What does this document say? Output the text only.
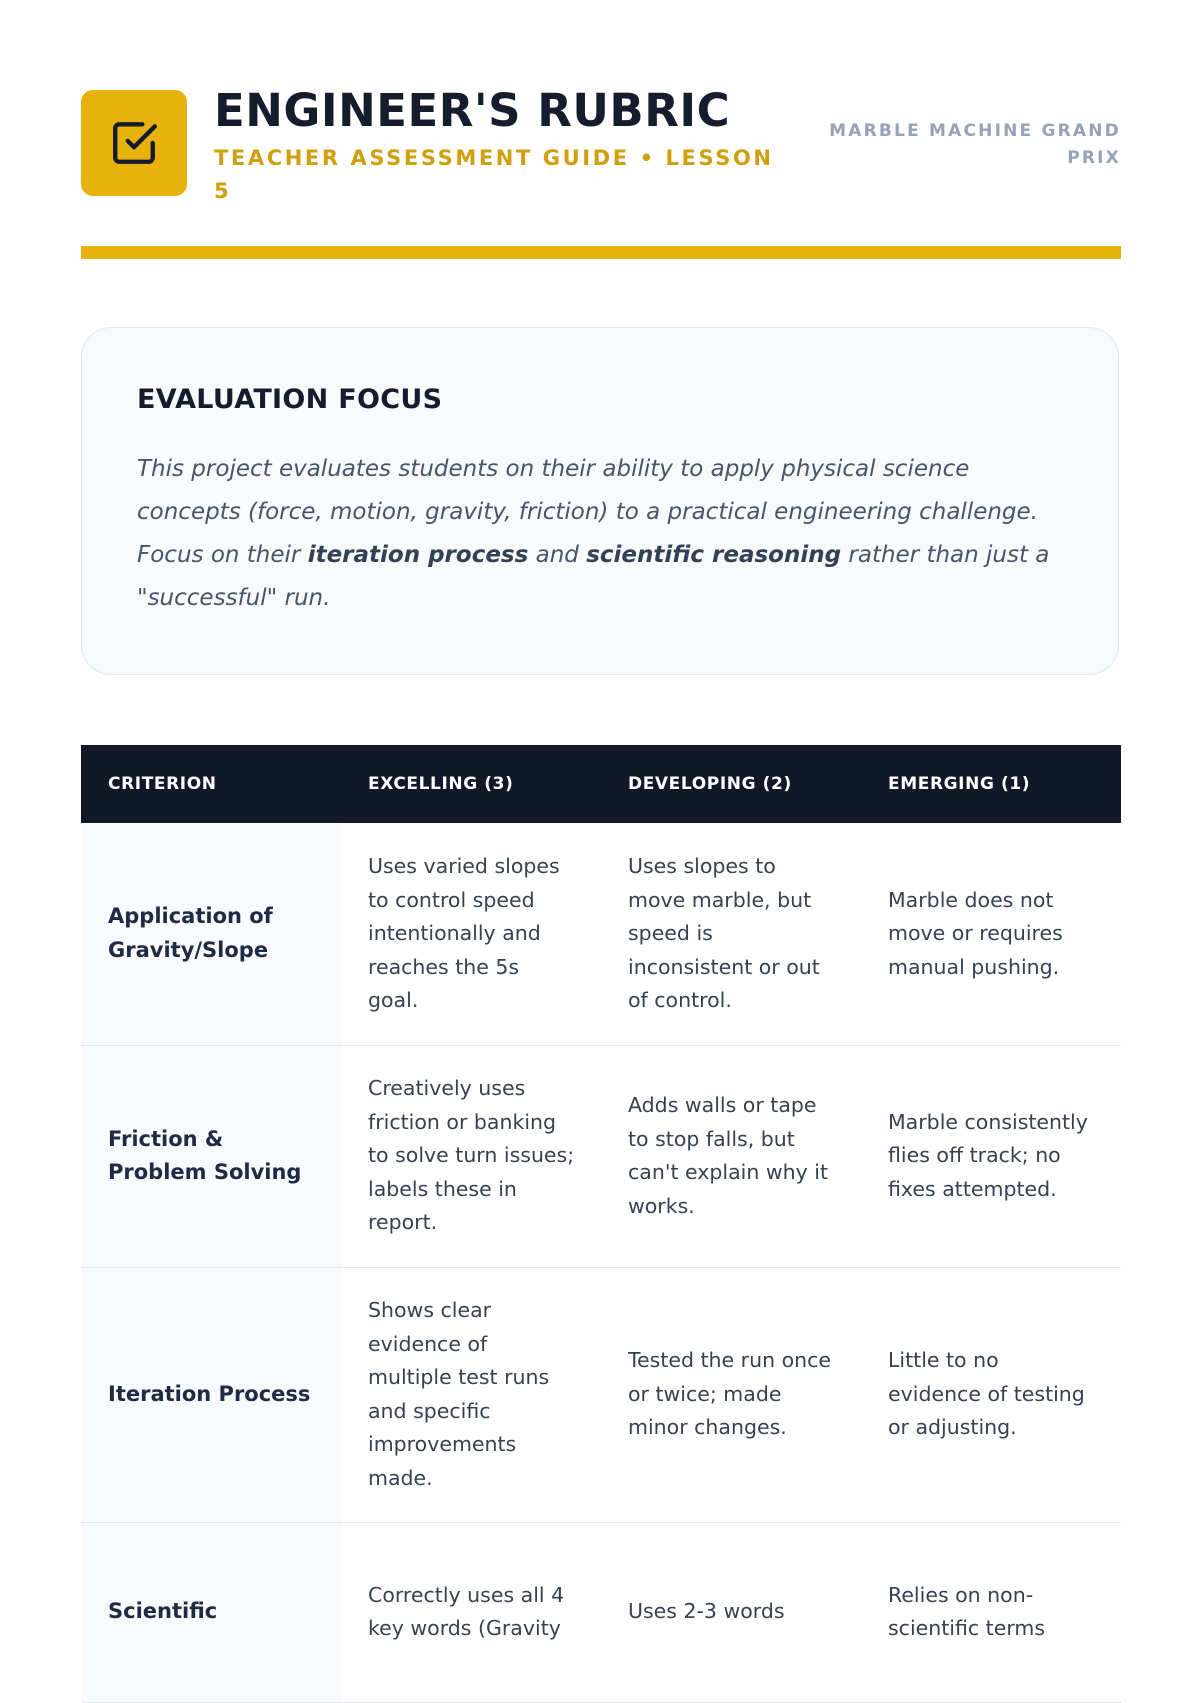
ENGINEER'S RUBRIC
TEACHER ASSESSMENT GUIDE • LESSON 5
MARBLE MACHINE GRAND PRIX
EVALUATION FOCUS

This project evaluates students on their ability to apply physical science concepts (force, motion, gravity, friction) to a practical engineering challenge. Focus on their iteration process and scientific reasoning rather than just a "successful" run.

CRITERION	EXCELLING (3)	DEVELOPING (2)	EMERGING (1)
Application of Gravity/Slope	Uses varied slopes to control speed intentionally and reaches the 5s goal.	Uses slopes to move marble, but speed is inconsistent or out of control.	Marble does not move or requires manual pushing.
Friction & Problem Solving	Creatively uses friction or banking to solve turn issues; labels these in report.	Adds walls or tape to stop falls, but can't explain why it works.	Marble consistently flies off track; no fixes attempted.
Iteration Process	Shows clear evidence of multiple test runs and specific improvements made.	Tested the run once or twice; made minor changes.	Little to no evidence of testing or adjusting.
Scientific	Correctly uses all 4 key words (Gravity	Uses 2-3 words	Relies on non-scientific terms
